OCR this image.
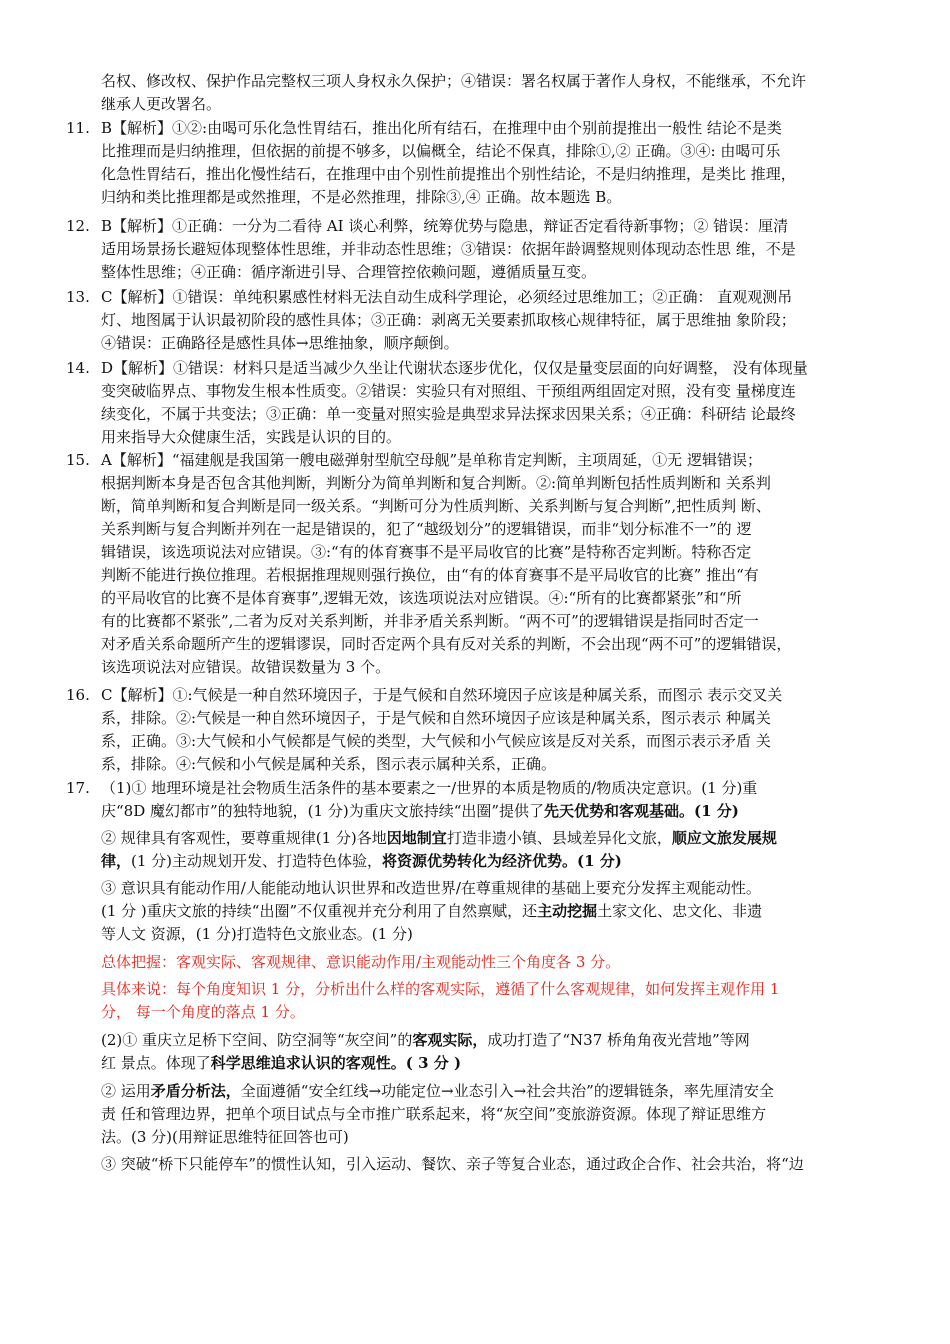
名权、修改权、保护作品完整权三项人身权永久保护；④错误：署名权属于著作人身权，不能继承，不允许
继承人更改署名。
11. B【解析】①②:由喝可乐化急性胃结石，推出化所有结石，在推理中由个别前提推出一般性 结论不是类
比推理而是归纳推理，但依据的前提不够多，以偏概全，结论不保真，排除①,② 正确。③④: 由喝可乐
化急性胃结石，推出化慢性结石，在推理中由个别性前提推出个别性结论，不是归纳推理，是类比 推理，
归纳和类比推理都是或然推理，不是必然推理，排除③,④ 正确。故本题选 B。
12. B【解析】①正确：一分为二看待 AI 谈心利弊，统筹优势与隐患，辩证否定看待新事物；② 错误：厘清
适用场景扬长避短体现整体性思维，并非动态性思维；③错误：依据年龄调整规则体现动态性思 维，不是
整体性思维；④正确：循序渐进引导、合理管控依赖问题，遵循质量互变。
13. C【解析】①错误：单纯积累感性材料无法自动生成科学理论，必须经过思维加工；②正确： 直观观测吊
灯、地图属于认识最初阶段的感性具体；③正确：剥离无关要素抓取核心规律特征，属于思维抽 象阶段；
④错误：正确路径是感性具体→思维抽象，顺序颠倒。
14. D【解析】①错误：材料只是适当减少久坐让代谢状态逐步优化，仅仅是量变层面的向好调整， 没有体现量
变突破临界点、事物发生根本性质变。②错误：实验只有对照组、干预组两组固定对照，没有变 量梯度连
续变化，不属于共变法；③正确：单一变量对照实验是典型求异法探求因果关系；④正确：科研结 论最终
用来指导大众健康生活，实践是认识的目的。
15. A【解析】“福建舰是我国第一艘电磁弹射型航空母舰”是单称肯定判断，主项周延，①无 逻辑错误；
根据判断本身是否包含其他判断，判断分为简单判断和复合判断。②:简单判断包括性质判断和 关系判
断，简单判断和复合判断是同一级关系。“判断可分为性质判断、关系判断与复合判断”,把性质判 断、
关系判断与复合判断并列在一起是错误的，犯了“越级划分”的逻辑错误，而非“划分标准不一”的 逻
辑错误，该选项说法对应错误。③:“有的体育赛事不是平局收官的比赛”是特称否定判断。特称否定
判断不能进行换位推理。若根据推理规则强行换位，由“有的体育赛事不是平局收官的比赛” 推出“有
的平局收官的比赛不是体育赛事”,逻辑无效，该选项说法对应错误。④:“所有的比赛都紧张”和“所
有的比赛都不紧张”,二者为反对关系判断，并非矛盾关系判断。“两不可”的逻辑错误是指同时否定一
对矛盾关系命题所产生的逻辑谬误，同时否定两个具有反对关系的判断，不会出现“两不可”的逻辑错误，
该选项说法对应错误。故错误数量为 3 个。
16. C【解析】①:气候是一种自然环境因子，于是气候和自然环境因子应该是种属关系，而图示 表示交叉关
系，排除。②:气候是一种自然环境因子，于是气候和自然环境因子应该是种属关系，图示表示 种属关
系，正确。③:大气候和小气候都是气候的类型，大气候和小气候应该是反对关系，而图示表示矛盾 关
系，排除。④:气候和小气候是属种关系，图示表示属种关系，正确。
17. （1)① 地理环境是社会物质生活条件的基本要素之一/世界的本质是物质的/物质决定意识。(1 分)重
庆“8D 魔幻都市”的独特地貌，(1 分)为重庆文旅持续“出圈”提供了先天优势和客观基础。(1 分)
② 规律具有客观性，要尊重规律(1 分)各地因地制宜打造非遗小镇、县域差异化文旅，顺应文旅发展规
律，(1 分)主动规划开发、打造特色体验，将资源优势转化为经济优势。(1 分)
③ 意识具有能动作用/人能能动地认识世界和改造世界/在尊重规律的基础上要充分发挥主观能动性。
(1 分 )重庆文旅的持续“出圈”不仅重视并充分利用了自然禀赋，还主动挖掘土家文化、忠文化、非遗
等人文 资源，(1 分)打造特色文旅业态。(1 分)
总体把握：客观实际、客观规律、意识能动作用/主观能动性三个角度各 3 分。
具体来说：每个角度知识 1 分，分析出什么样的客观实际，遵循了什么客观规律，如何发挥主观作用 1
分， 每一个角度的落点 1 分。
(2)① 重庆立足桥下空间、防空洞等“灰空间”的客观实际，成功打造了“N37 桥角角夜光营地”等网
红 景点。体现了科学思维追求认识的客观性。( 3 分 )
② 运用矛盾分析法，全面遵循“安全红线→功能定位→业态引入→社会共治”的逻辑链条，率先厘清安全
责 任和管理边界，把单个项目试点与全市推广联系起来，将“灰空间”变旅游资源。体现了辩证思维方
法。(3 分)(用辩证思维特征回答也可)
③ 突破“桥下只能停车”的惯性认知，引入运动、餐饮、亲子等复合业态，通过政企合作、社会共治，将“边
